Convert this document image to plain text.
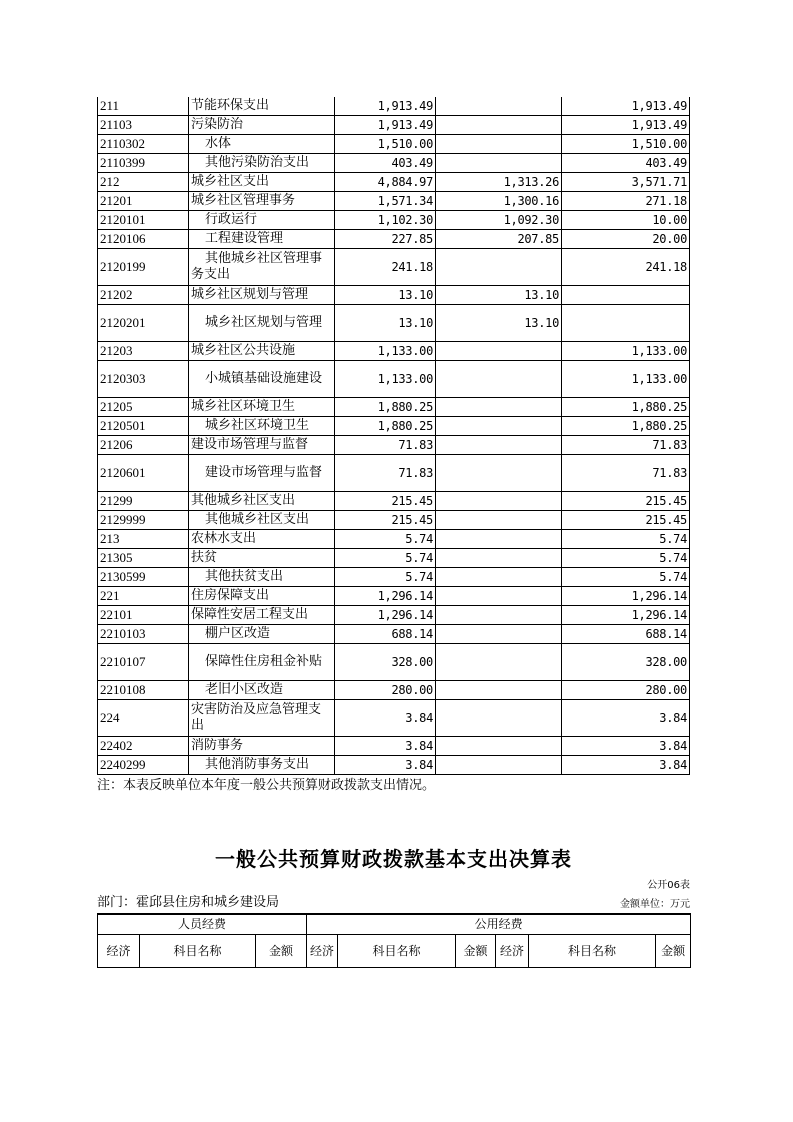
211	节能环保支出	1,913.49		1,913.49
21103	污染防治	1,913.49		1,913.49
2110302	水体	1,510.00		1,510.00
2110399	其他污染防治支出	403.49		403.49
212	城乡社区支出	4,884.97	1,313.26	3,571.71
21201	城乡社区管理事务	1,571.34	1,300.16	271.18
2120101	行政运行	1,102.30	1,092.30	10.00
2120106	工程建设管理	227.85	207.85	20.00
2120199	其他城乡社区管理事务支出	241.18		241.18
21202	城乡社区规划与管理	13.10	13.10	
2120201	城乡社区规划与管理	13.10	13.10	
21203	城乡社区公共设施	1,133.00		1,133.00
2120303	小城镇基础设施建设	1,133.00		1,133.00
21205	城乡社区环境卫生	1,880.25		1,880.25
2120501	城乡社区环境卫生	1,880.25		1,880.25
21206	建设市场管理与监督	71.83		71.83
2120601	建设市场管理与监督	71.83		71.83
21299	其他城乡社区支出	215.45		215.45
2129999	其他城乡社区支出	215.45		215.45
213	农林水支出	5.74		5.74
21305	扶贫	5.74		5.74
2130599	其他扶贫支出	5.74		5.74
221	住房保障支出	1,296.14		1,296.14
22101	保障性安居工程支出	1,296.14		1,296.14
2210103	棚户区改造	688.14		688.14
2210107	保障性住房租金补贴	328.00		328.00
2210108	老旧小区改造	280.00		280.00
224	灾害防治及应急管理支出	3.84		3.84
22402	消防事务	3.84		3.84
2240299	其他消防事务支出	3.84		3.84
注：本表反映单位本年度一般公共预算财政拨款支出情况。
一般公共预算财政拨款基本支出决算表
公开06表
部门：霍邱县住房和城乡建设局	金额单位：万元
人员经费			公用经费					
经济	科目名称	金额	经济	科目名称	金额	经济	科目名称	金额
